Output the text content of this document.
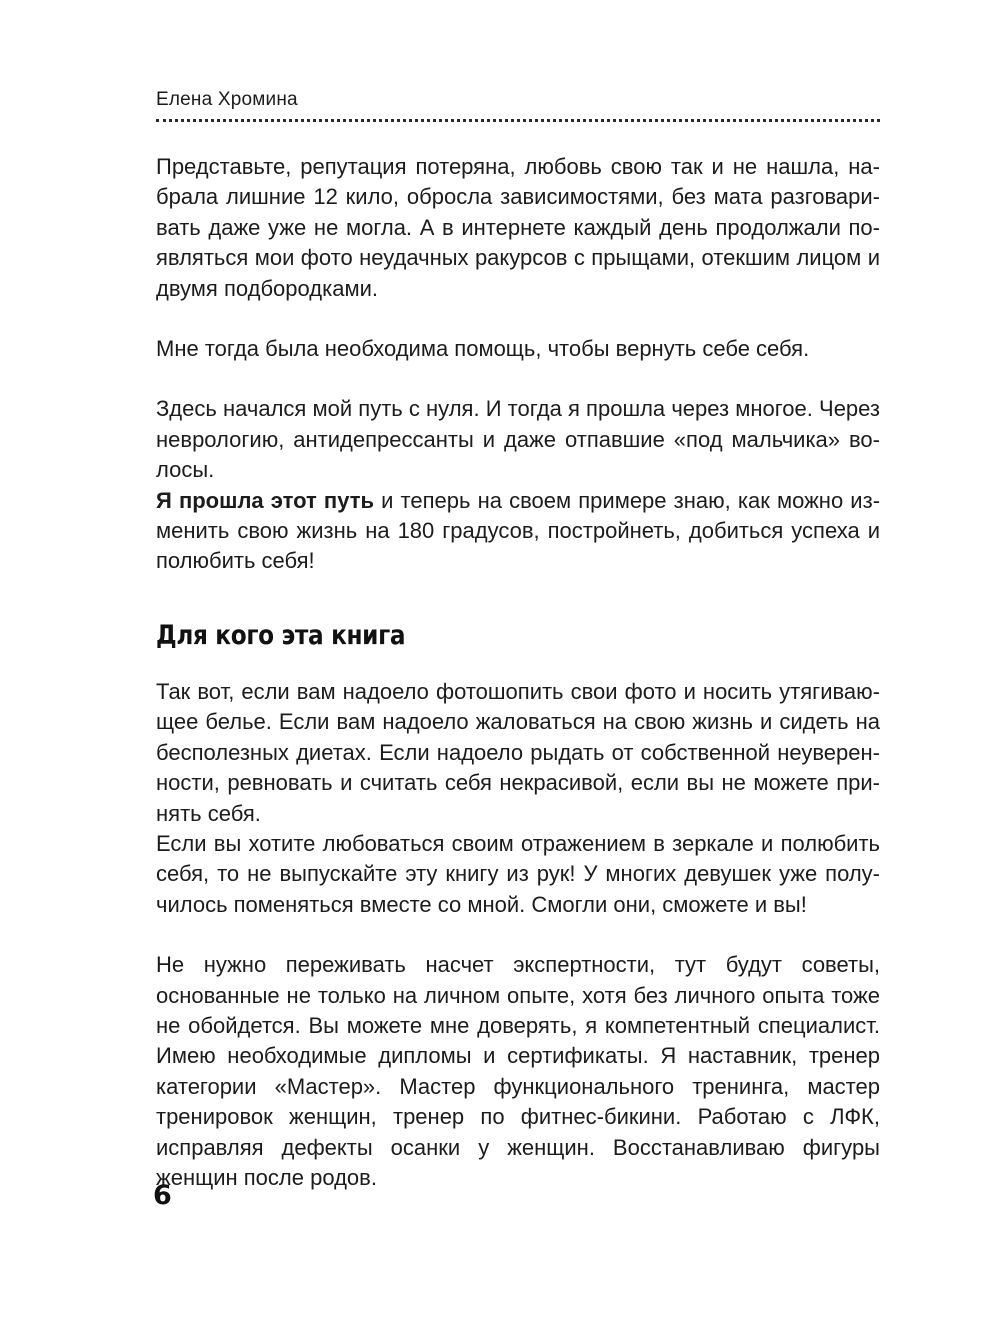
Елена Хромина

Представьте, репутация потеряна, любовь свою так и не нашла, набрала лишние 12 кило, обросла зависимостями, без мата разговаривать даже уже не могла. А в интернете каждый день продолжали появляться мои фото неудачных ракурсов с прыщами, отекшим лицом и двумя подбородками.

Мне тогда была необходима помощь, чтобы вернуть себе себя.

Здесь начался мой путь с нуля. И тогда я прошла через многое. Через неврологию, антидепрессанты и даже отпавшие «под мальчика» волосы.

Я прошла этот путь и теперь на своем примере знаю, как можно изменить свою жизнь на 180 градусов, постройнеть, добиться успеха и полюбить себя!

Для кого эта книга

Так вот, если вам надоело фотошопить свои фото и носить утягивающее белье. Если вам надоело жаловаться на свою жизнь и сидеть на бесполезных диетах. Если надоело рыдать от собственной неуверенности, ревновать и считать себя некрасивой, если вы не можете принять себя.

Если вы хотите любоваться своим отражением в зеркале и полюбить себя, то не выпускайте эту книгу из рук! У многих девушек уже получилось поменяться вместе со мной. Смогли они, сможете и вы!

Не нужно переживать насчет экспертности, тут будут советы, основанные не только на личном опыте, хотя без личного опыта тоже не обойдется. Вы можете мне доверять, я компетентный специалист. Имею необходимые дипломы и сертификаты. Я наставник, тренер категории «Мастер». Мастер функционального тренинга, мастер тренировок женщин, тренер по фитнес-бикини. Работаю с ЛФК, исправляя дефекты осанки у женщин. Восстанавливаю фигуры женщин после родов.

6
